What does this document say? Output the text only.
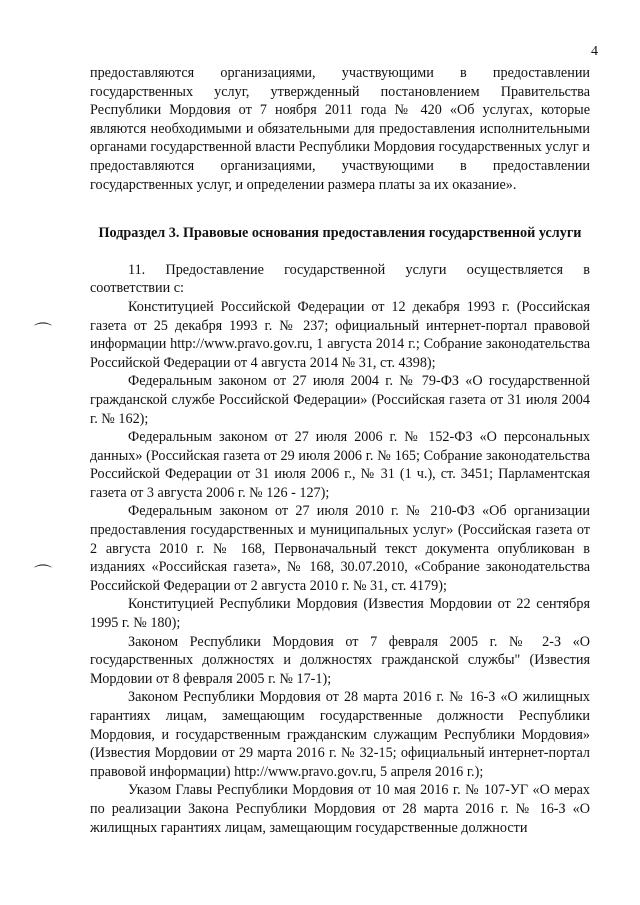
4
⌒
⌒

предоставляются организациями, участвующими в предоставлении государственных услуг, утвержденный постановлением Правительства Республики Мордовия от 7 ноября 2011 года № 420 «Об услугах, которые являются необходимыми и обязательными для предоставления исполнительными органами государственной власти Республики Мордовия государственных услуг и предоставляются организациями, участвующими в предоставлении государственных услуг, и определении размера платы за их оказание».

Подраздел 3. Правовые основания предоставления государственной услуги

11. Предоставление государственной услуги осуществляется в соответствии с:

Конституцией Российской Федерации от 12 декабря 1993 г. (Российская газета от 25 декабря 1993 г. № 237; официальный интернет-портал правовой информации http://www.pravo.gov.ru, 1 августа 2014 г.; Собрание законодательства Российской Федерации от 4 августа 2014 № 31, ст. 4398);

Федеральным законом от 27 июля 2004 г. № 79-ФЗ «О государственной гражданской службе Российской Федерации» (Российская газета от 31 июля 2004 г. № 162);

Федеральным законом от 27 июля 2006 г. № 152-ФЗ «О персональных данных» (Российская газета от 29 июля 2006 г. № 165; Собрание законодательства Российской Федерации от 31 июля 2006 г., № 31 (1 ч.), ст. 3451; Парламентская газета от 3 августа 2006 г. № 126 - 127);

Федеральным законом от 27 июля 2010 г. № 210-ФЗ «Об организации предоставления государственных и муниципальных услуг» (Российская газета от 2 августа 2010 г. № 168, Первоначальный текст документа опубликован в изданиях «Российская газета», № 168, 30.07.2010, «Собрание законодательства Российской Федерации от 2 августа 2010 г. № 31, ст. 4179);

Конституцией Республики Мордовия (Известия Мордовии от 22 сентября 1995 г. № 180);

Законом Республики Мордовия от 7 февраля 2005 г. № 2-З «О государственных должностях и должностях гражданской службы" (Известия Мордовии от 8 февраля 2005 г. № 17-1);

Законом Республики Мордовия от 28 марта 2016 г. № 16-З «О жилищных гарантиях лицам, замещающим государственные должности Республики Мордовия, и государственным гражданским служащим Республики Мордовия» (Известия Мордовии от 29 марта 2016 г. № 32-15; официальный интернет-портал правовой информации) http://www.pravo.gov.ru, 5 апреля 2016 г.);

Указом Главы Республики Мордовия от 10 мая 2016 г. № 107-УГ «О мерах по реализации Закона Республики Мордовия от 28 марта 2016 г. № 16-З «О жилищных гарантиях лицам, замещающим государственные должности
